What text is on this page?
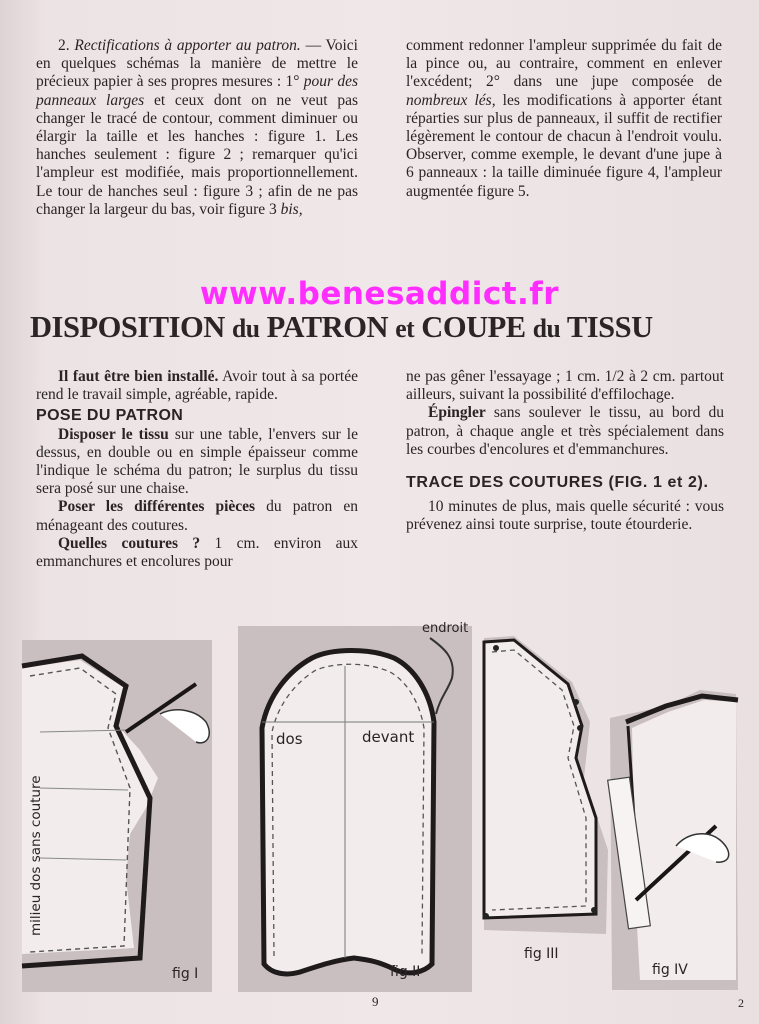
2. Rectifications à apporter au patron. — Voici en quelques schémas la manière de mettre le précieux papier à ses propres mesures : 1° pour des panneaux larges et ceux dont on ne veut pas changer le tracé de contour, comment diminuer ou élargir la taille et les hanches : figure 1. Les hanches seulement : figure 2 ; remarquer qu'ici l'ampleur est modifiée, mais proportionnellement. Le tour de hanches seul : figure 3 ; afin de ne pas changer la largeur du bas, voir figure 3 bis,

comment redonner l'ampleur supprimée du fait de la pince ou, au contraire, comment en enlever l'excédent; 2° dans une jupe composée de nombreux lés, les modifications à apporter étant réparties sur plus de panneaux, il suffit de rectifier légèrement le contour de chacun à l'endroit voulu. Observer, comme exemple, le devant d'une jupe à 6 panneaux : la taille diminuée figure 4, l'ampleur augmentée figure 5.

www.benesaddict.fr
DISPOSITION du PATRON et COUPE du TISSU

Il faut être bien installé. Avoir tout à sa portée rend le travail simple, agréable, rapide.

POSE DU PATRON

Disposer le tissu sur une table, l'envers sur le dessus, en double ou en simple épaisseur comme l'indique le schéma du patron; le surplus du tissu sera posé sur une chaise.

Poser les différentes pièces du patron en ménageant des coutures.

Quelles coutures ? 1 cm. environ aux emmanchures et encolures pour

ne pas gêner l'essayage ; 1 cm. 1/2 à 2 cm. partout ailleurs, suivant la possibilité d'effilochage.

Épingler sans soulever le tissu, au bord du patron, à chaque angle et très spécialement dans les courbes d'encolures et d'emmanchures.

TRACE DES COUTURES (FIG. 1 et 2).

10 minutes de plus, mais quelle sécurité : vous prévenez ainsi toute surprise, toute étourderie.

milieu dos sans couture
fig I
endroit
dos	devant
fig II
fig III
fig IV
9	2
